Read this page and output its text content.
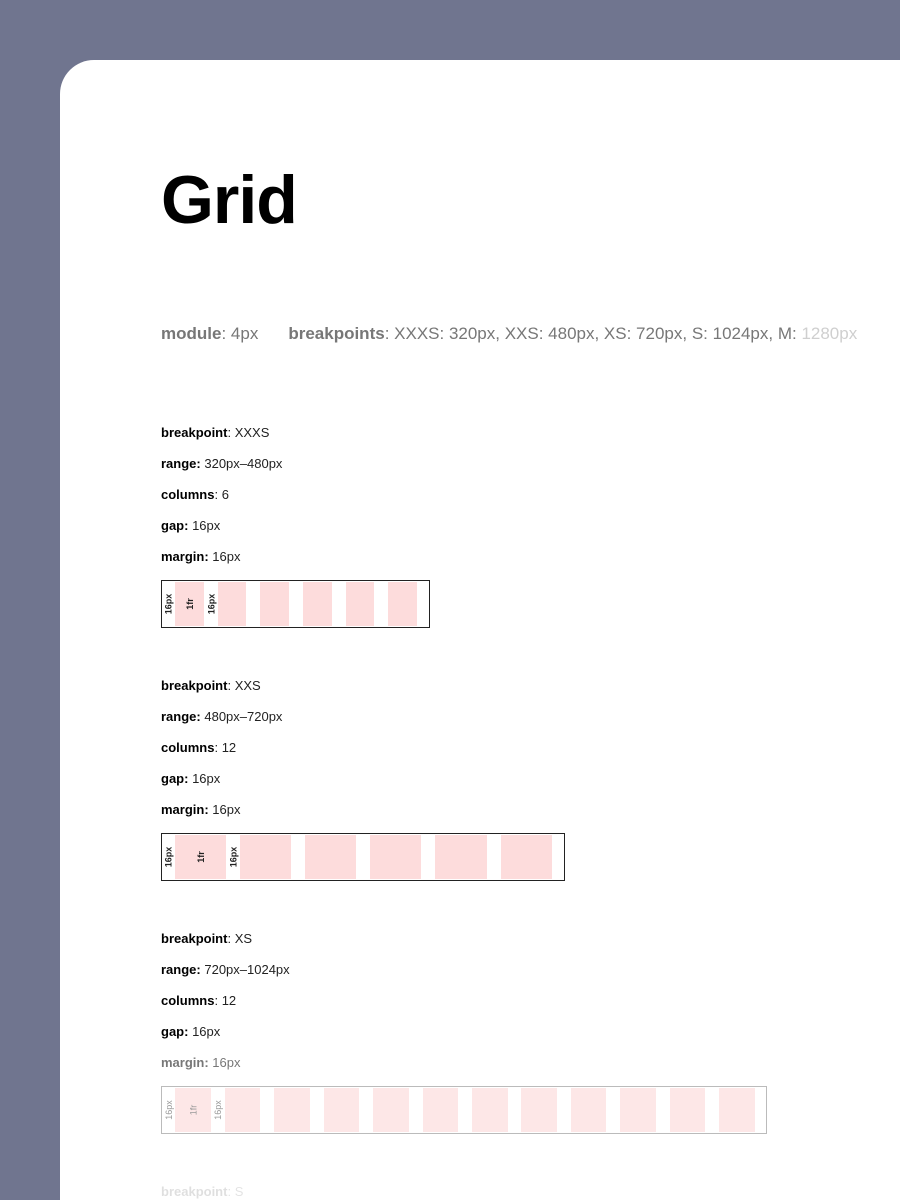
Grid
module: 4px breakpoints: XXXS: 320px, XXS: 480px, XS: 720px, S: 1024px, M: 1280px
breakpoint: XXXS
range: 320px–480px
columns: 6
gap: 16px
margin: 16px
16px 1fr 16px
breakpoint: XXS
range: 480px–720px
columns: 12
gap: 16px
margin: 16px
16px 1fr	16px
breakpoint: XS
range: 720px–1024px
columns: 12
gap: 16px
margin: 16px
16px 1fr 16px
breakpoint: S
